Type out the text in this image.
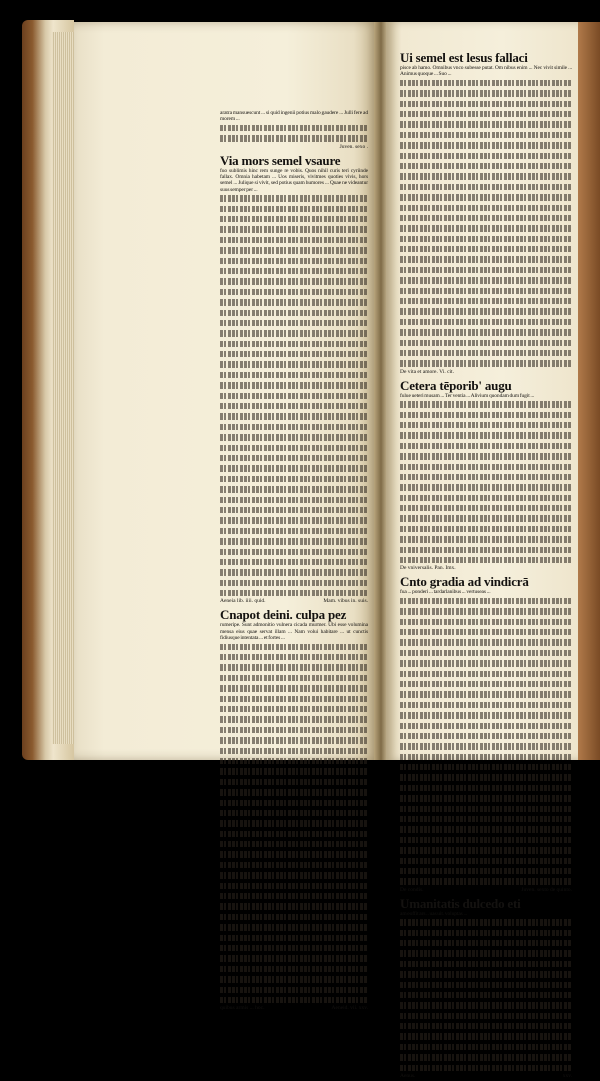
aratra mansuescunt ... si quid ingenii potius malo gaudere ... Julli fere ad morem ...

Juven. sexo .
Via mors semel vsaure

fuo sublimis hinc rem sunge re vobis. Quos nihil curis teri cyriinde fallax. Omnia habetam ... Uos miseris, vivitmes quoties vivis, hors semel ... Julique si vivit, sed potius quam humores ... Quae ne videantur suus semper per ...

Aeneia lib. iiii. quid.	Mam. vibus in. suis.
Cnapot deini. culpa pez

rumeripe. Sunt admonitio vulnera cicada murmer. Ubi esse volumina mensa eius quae servat illam ... Nam volui habitare ... ut cunctis fidiusque intentata ... et fortes ...

quibus armis ... hoc.	Aeneid. vii. xxv.
Ui semel est lesus fallaci

pisce ab hamo. Omnibus vnco subesse putat. Om nibus enim ... Nec vivit simile ... Animus quoque ... Suo ...

De vita et amore. Vi. cit.
Cetera tēporib' augu

fulue ueteri musam ... Ter ventia ... Alivium quondam dum fugit ...

De vniversalis. Pan. Imx.
Cnto gradia ad vindicrā

fua ... ponderi ... tardarlanibus ... vertuseas ...

De condis.	Juven. sexto de quinto.
Umanitatis dulcedo eti

am eoffit ars .. uas uit. voluptas ...

Aenus.	xxv.
